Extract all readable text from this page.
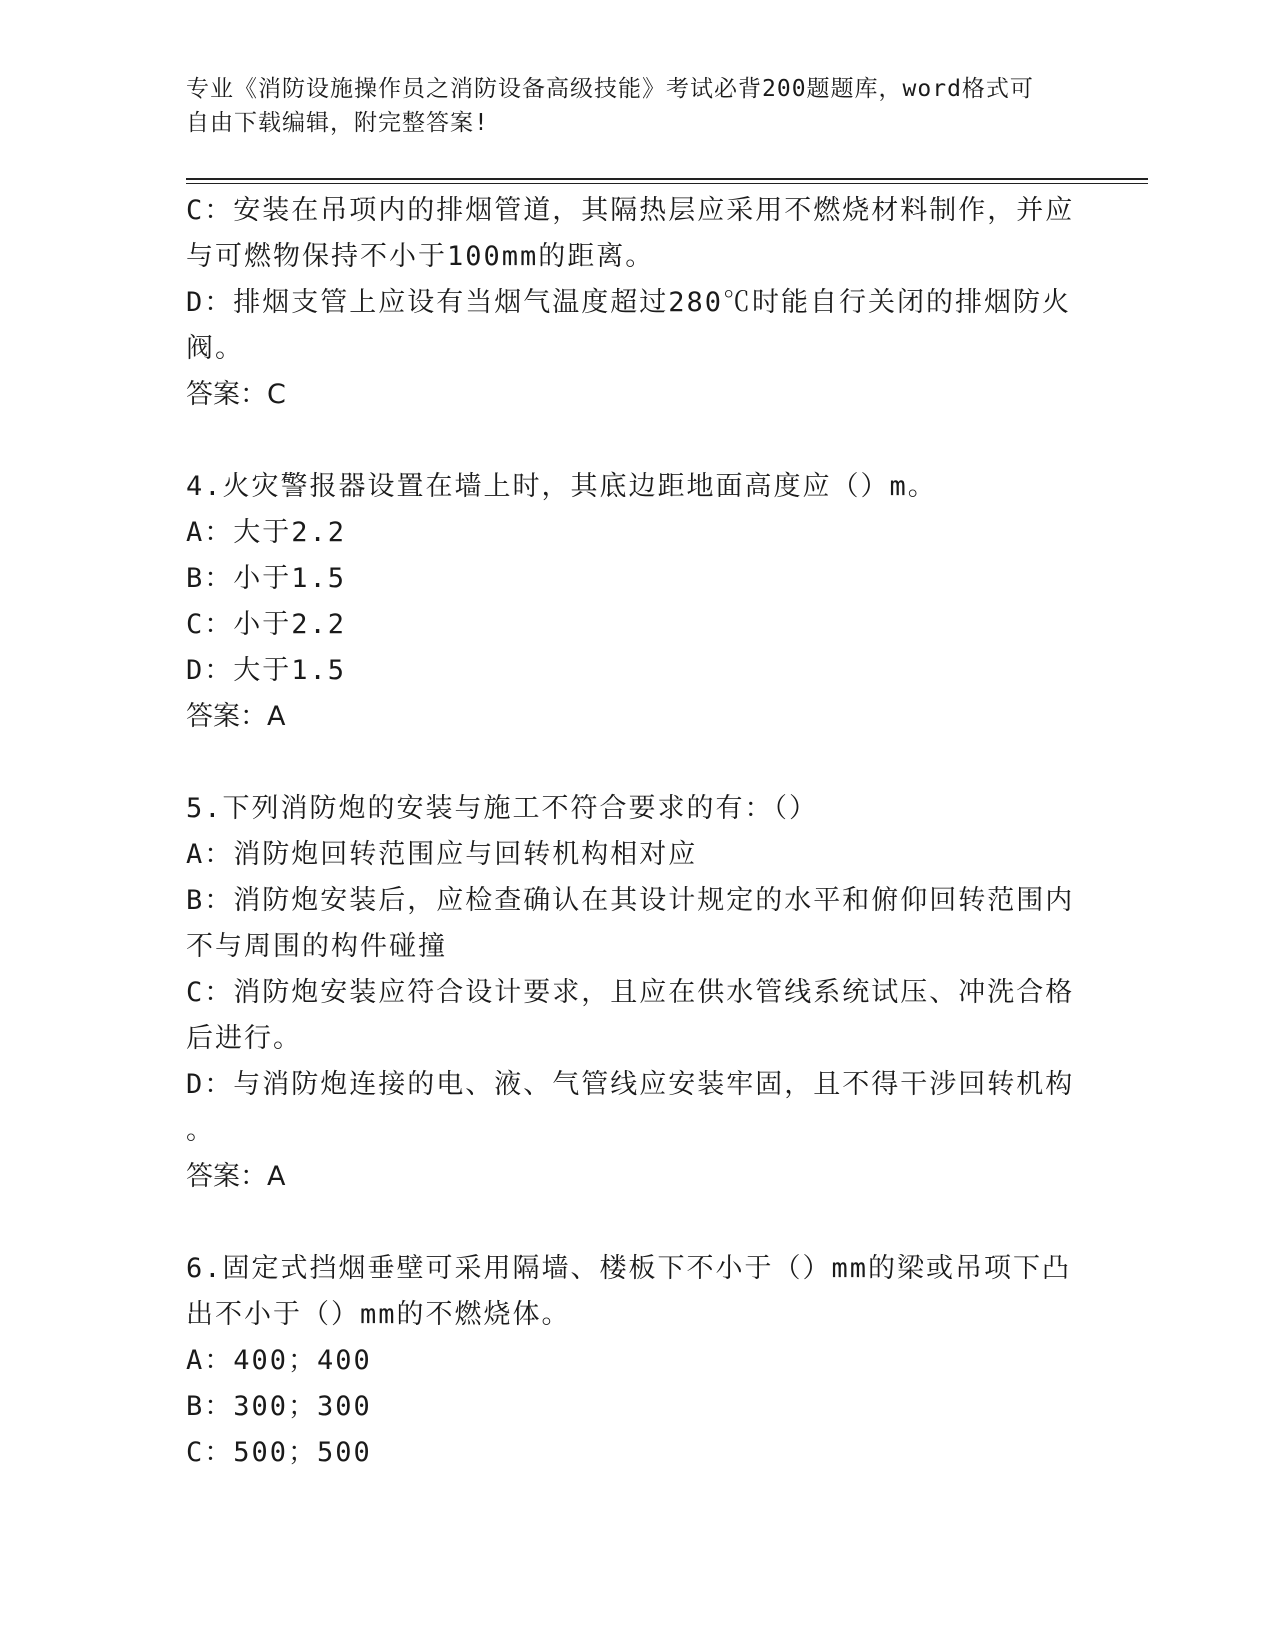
专业《消防设施操作员之消防设备高级技能》考试必背200题题库，word格式可
自由下载编辑，附完整答案!
C：安装在吊项内的排烟管道，其隔热层应采用不燃烧材料制作，并应
与可燃物保持不小于100mm的距离。
D：排烟支管上应设有当烟气温度超过280℃时能自行关闭的排烟防火
阀。
答案：C
4.火灾警报器设置在墙上时，其底边距地面高度应（）m。
A：大于2.2
B：小于1.5
C：小于2.2
D：大于1.5
答案：A
5.下列消防炮的安装与施工不符合要求的有：（）
A：消防炮回转范围应与回转机构相对应
B：消防炮安装后，应检查确认在其设计规定的水平和俯仰回转范围内
不与周围的构件碰撞
C：消防炮安装应符合设计要求，且应在供水管线系统试压、冲洗合格
后进行。
D：与消防炮连接的电、液、气管线应安装牢固，且不得干涉回转机构
。
答案：A
6.固定式挡烟垂壁可采用隔墙、楼板下不小于（）mm的梁或吊项下凸
出不小于（）mm的不燃烧体。
A：400；400
B：300；300
C：500；500
